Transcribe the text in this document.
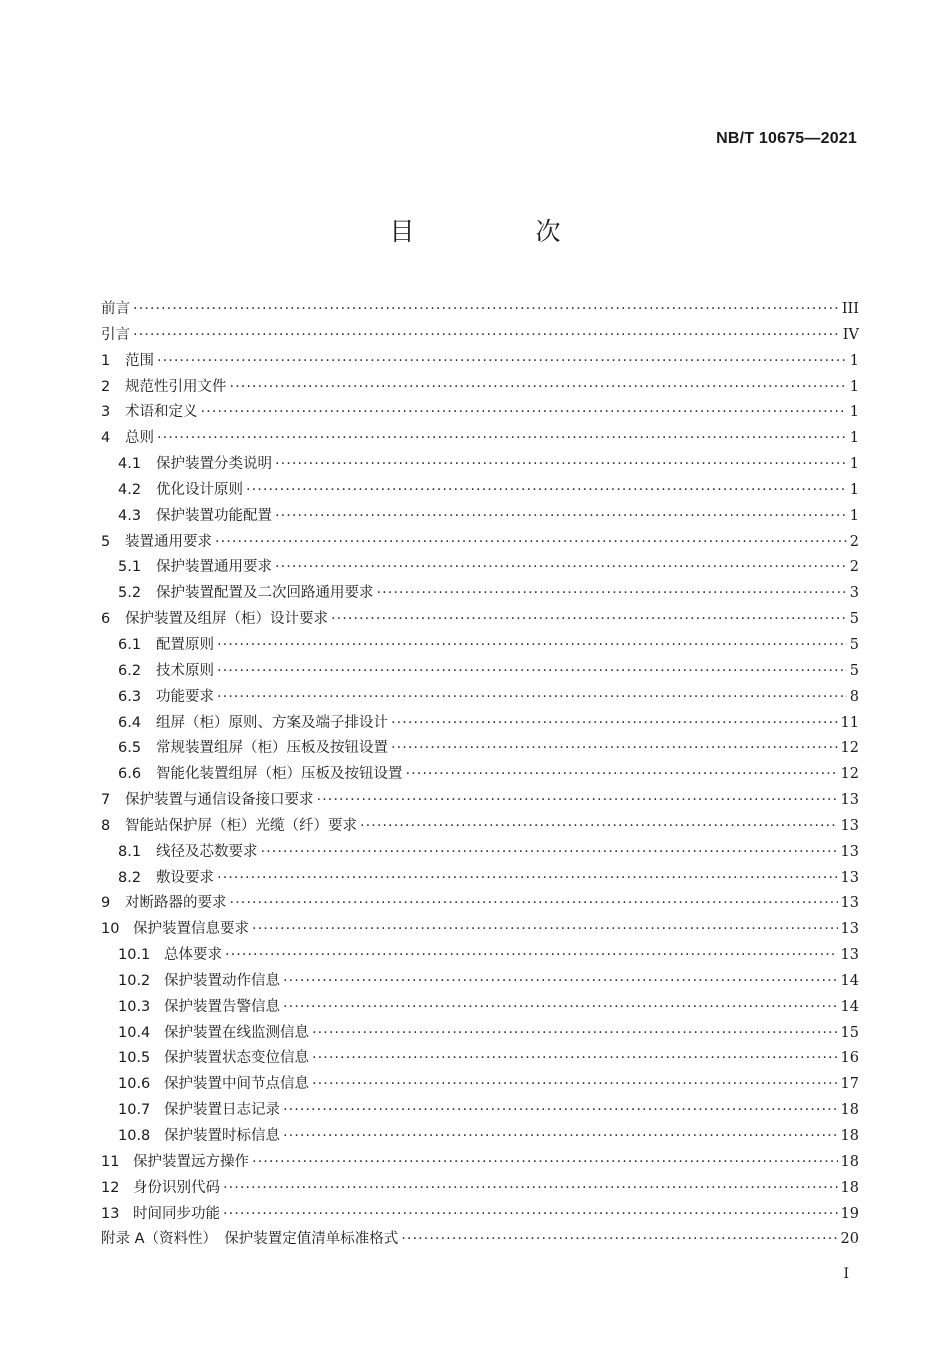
NB/T 10675—2021
目　次
前言 ·····	III
引言 ·····	IV
1	范围 ·····	1
2	规范性引用文件 ·····	1
3	术语和定义 ·····	1
4	总则 ·····	1
4.1	保护装置分类说明 ·····	1
4.2	优化设计原则 ·····	1
4.3	保护装置功能配置 ·····	1
5	装置通用要求 ·····	2
5.1	保护装置通用要求 ·····	2
5.2	保护装置配置及二次回路通用要求 ·····	3
6	保护装置及组屏（柜）设计要求 ·····	5
6.1	配置原则 ·····	5
6.2	技术原则 ·····	5
6.3	功能要求 ·····	8
6.4	组屏（柜）原则、方案及端子排设计 ·····	11
6.5	常规装置组屏（柜）压板及按钮设置 ·····	12
6.6	智能化装置组屏（柜）压板及按钮设置 ·····	12
7	保护装置与通信设备接口要求 ·····	13
8	智能站保护屏（柜）光缆（纤）要求 ·····	13
8.1	线径及芯数要求 ·····	13
8.2	敷设要求 ·····	13
9	对断路器的要求 ·····	13
10 保护装置信息要求 ·····	13
10.1 总体要求 ·····	13
10.2 保护装置动作信息 ·····	14
10.3 保护装置告警信息 ·····	14
10.4 保护装置在线监测信息 ·····	15
10.5 保护装置状态变位信息 ·····	16
10.6 保护装置中间节点信息 ·····	17
10.7 保护装置日志记录 ·····	18
10.8 保护装置时标信息 ·····	18
11 保护装置远方操作 ·····	18
12 身份识别代码 ·····	18
13 时间同步功能 ·····	19
附录 A（资料性）　保护装置定值清单标准格式 ·····	20
I
